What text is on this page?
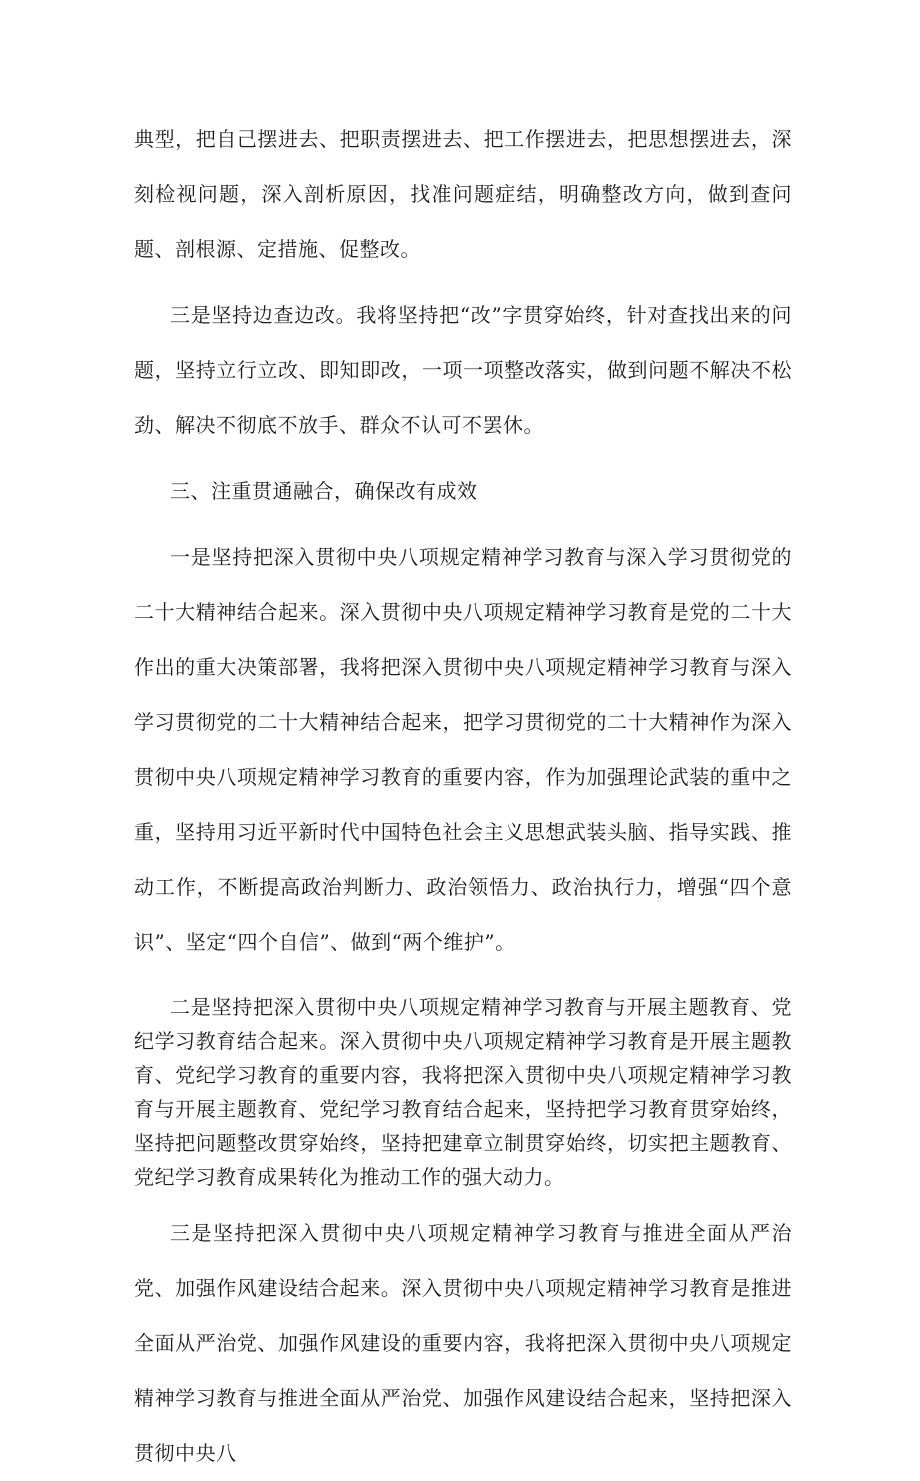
典型，把自己摆进去、把职责摆进去、把工作摆进去，把思想摆进去，深刻检视问题，深入剖析原因，找准问题症结，明确整改方向，做到查问题、剖根源、定措施、促整改。

三是坚持边查边改。我将坚持把“改”字贯穿始终，针对查找出来的问题，坚持立行立改、即知即改，一项一项整改落实，做到问题不解决不松劲、解决不彻底不放手、群众不认可不罢休。

三、注重贯通融合，确保改有成效

一是坚持把深入贯彻中央八项规定精神学习教育与深入学习贯彻党的二十大精神结合起来。深入贯彻中央八项规定精神学习教育是党的二十大作出的重大决策部署，我将把深入贯彻中央八项规定精神学习教育与深入学习贯彻党的二十大精神结合起来，把学习贯彻党的二十大精神作为深入贯彻中央八项规定精神学习教育的重要内容，作为加强理论武装的重中之重，坚持用习近平新时代中国特色社会主义思想武装头脑、指导实践、推动工作，不断提高政治判断力、政治领悟力、政治执行力，增强“四个意识”、坚定“四个自信”、做到“两个维护”。

二是坚持把深入贯彻中央八项规定精神学习教育与开展主题教育、党纪学习教育结合起来。深入贯彻中央八项规定精神学习教育是开展主题教育、党纪学习教育的重要内容，我将把深入贯彻中央八项规定精神学习教育与开展主题教育、党纪学习教育结合起来，坚持把学习教育贯穿始终，坚持把问题整改贯穿始终，坚持把建章立制贯穿始终，切实把主题教育、党纪学习教育成果转化为推动工作的强大动力。

三是坚持把深入贯彻中央八项规定精神学习教育与推进全面从严治党、加强作风建设结合起来。深入贯彻中央八项规定精神学习教育是推进全面从严治党、加强作风建设的重要内容，我将把深入贯彻中央八项规定精神学习教育与推进全面从严治党、加强作风建设结合起来，坚持把深入贯彻中央八
